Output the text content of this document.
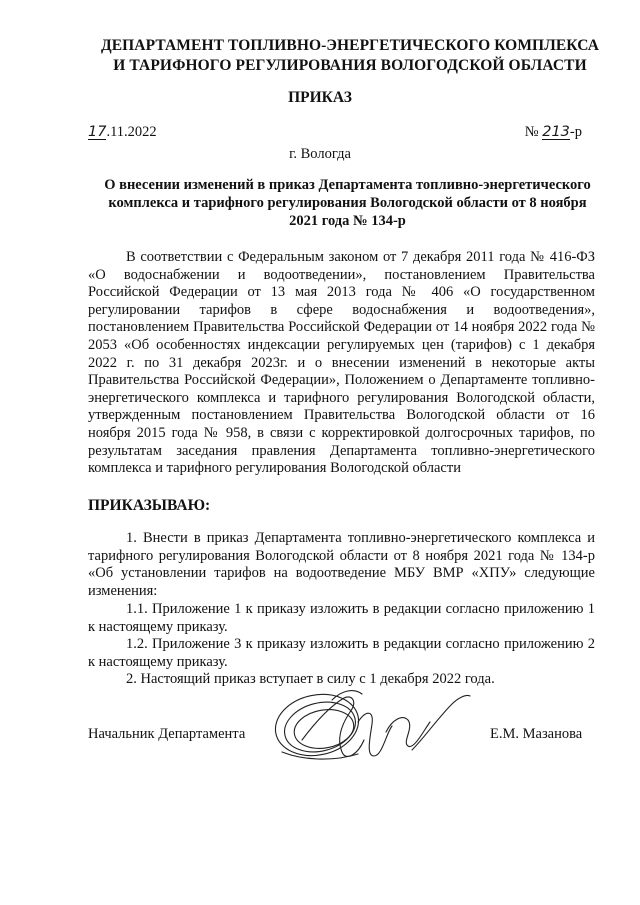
ДЕПАРТАМЕНТ ТОПЛИВНО-ЭНЕРГЕТИЧЕСКОГО КОМПЛЕКСА
И ТАРИФНОГО РЕГУЛИРОВАНИЯ ВОЛОГОДСКОЙ ОБЛАСТИ
ПРИКАЗ
17.11.2022	№ 213-р
г. Вологда
О внесении изменений в приказ Департамента топливно-энергетического комплекса и тарифного регулирования Вологодской области от 8 ноября 2021 года № 134-р
В соответствии с Федеральным законом от 7 декабря 2011 года № 416-ФЗ «О водоснабжении и водоотведении», постановлением Правительства Российской Федерации от 13 мая 2013 года № 406 «О государственном регулировании тарифов в сфере водоснабжения и водоотведения», постановлением Правительства Российской Федерации от 14 ноября 2022 года № 2053 «Об особенностях индексации регулируемых цен (тарифов) с 1 декабря 2022 г. по 31 декабря 2023г. и о внесении изменений в некоторые акты Правительства Российской Федерации», Положением о Департаменте топливно-энергетического комплекса и тарифного регулирования Вологодской области, утвержденным постановлением Правительства Вологодской области от 16 ноября 2015 года № 958, в связи с корректировкой долгосрочных тарифов, по результатам заседания правления Департамента топливно-энергетического комплекса и тарифного регулирования Вологодской области
ПРИКАЗЫВАЮ:
1. Внести в приказ Департамента топливно-энергетического комплекса и тарифного регулирования Вологодской области от 8 ноября 2021 года № 134-р «Об установлении тарифов на водоотведение МБУ ВМР «ХПУ» следующие изменения:
1.1. Приложение 1 к приказу изложить в редакции согласно приложению 1 к настоящему приказу.
1.2. Приложение 3 к приказу изложить в редакции согласно приложению 2 к настоящему приказу.
2. Настоящий приказ вступает в силу с 1 декабря 2022 года.
Начальник Департамента	Е.М. Мазанова
